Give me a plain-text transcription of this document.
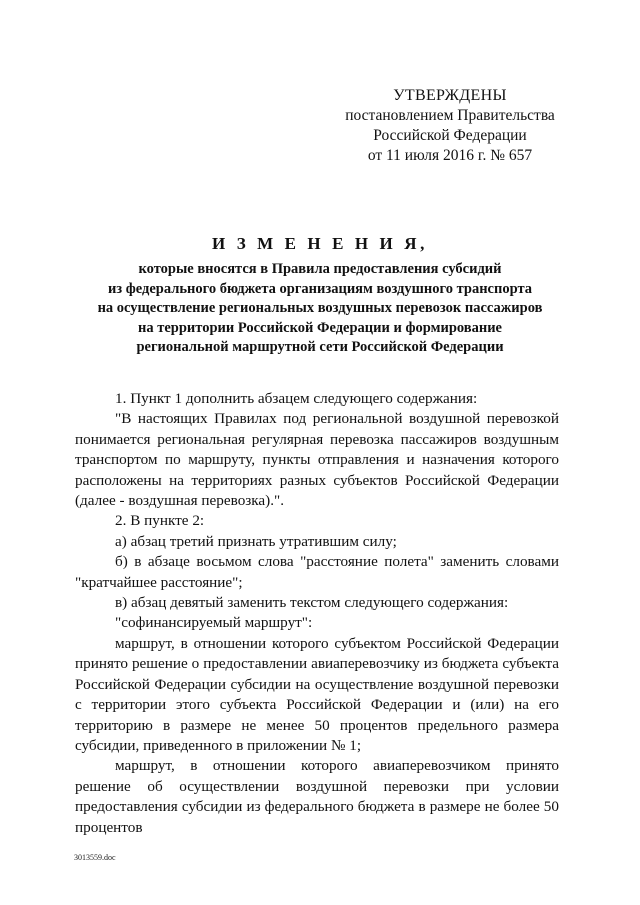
УТВЕРЖДЕНЫ
постановлением Правительства
Российской Федерации
от 11 июля 2016 г. № 657
И З М Е Н Е Н И Я,
которые вносятся в Правила предоставления субсидий
из федерального бюджета организациям воздушного транспорта
на осуществление региональных воздушных перевозок пассажиров
на территории Российской Федерации и формирование
региональной маршрутной сети Российской Федерации

1. Пункт 1 дополнить абзацем следующего содержания:

"В настоящих Правилах под региональной воздушной перевозкой понимается региональная регулярная перевозка пассажиров воздушным транспортом по маршруту, пункты отправления и назначения которого расположены на территориях разных субъектов Российской Федерации (далее - воздушная перевозка).".

2. В пункте 2:

а) абзац третий признать утратившим силу;

б) в абзаце восьмом слова "расстояние полета" заменить словами "кратчайшее расстояние";

в) абзац девятый заменить текстом следующего содержания:

"софинансируемый маршрут":

маршрут, в отношении которого субъектом Российской Федерации принято решение о предоставлении авиаперевозчику из бюджета субъекта Российской Федерации субсидии на осуществление воздушной перевозки с территории этого субъекта Российской Федерации и (или) на его территорию в размере не менее 50 процентов предельного размера субсидии, приведенного в приложении № 1;

маршрут, в отношении которого авиаперевозчиком принято решение об осуществлении воздушной перевозки при условии предоставления субсидии из федерального бюджета в размере не более 50 процентов

3013559.doc
